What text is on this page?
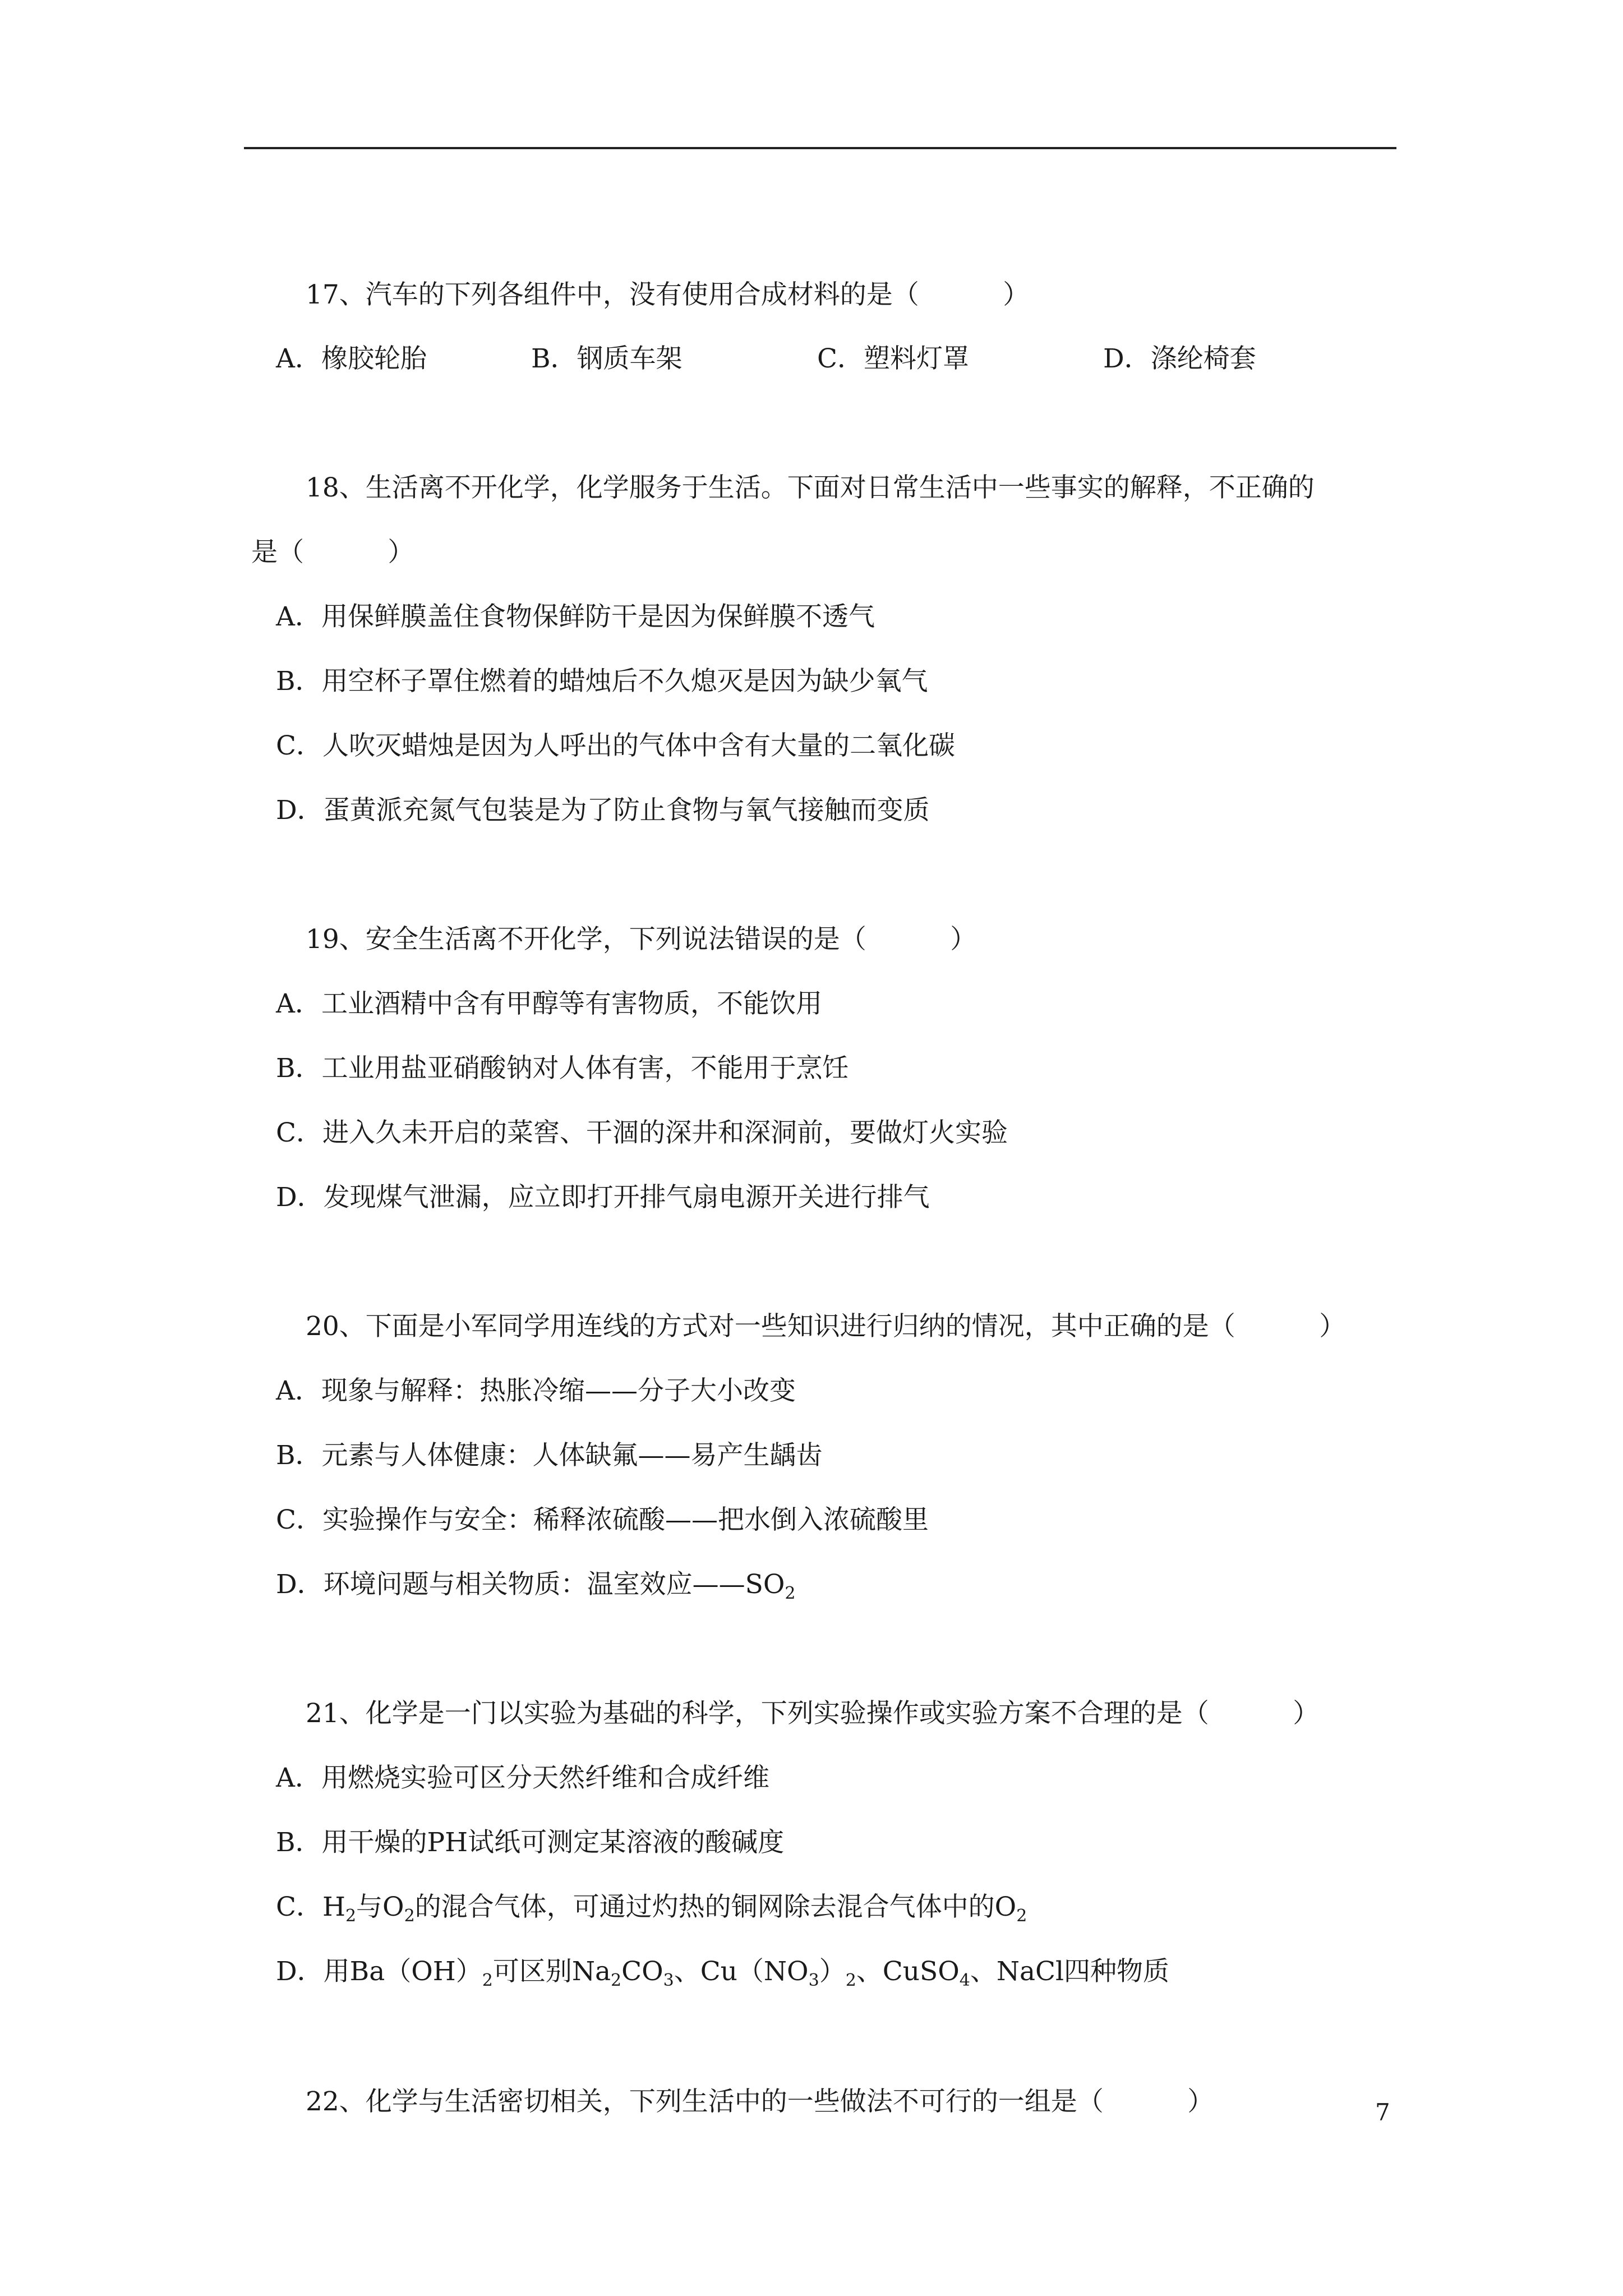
17、汽车的下列各组件中，没有使用合成材料的是（          ）
A．橡胶轮胎	B．钢质车架	C．塑料灯罩	D．涤纶椅套
18、生活离不开化学，化学服务于生活。下面对日常生活中一些事实的解释，不正确的
是（          ）
A．用保鲜膜盖住食物保鲜防干是因为保鲜膜不透气
B．用空杯子罩住燃着的蜡烛后不久熄灭是因为缺少氧气
C．人吹灭蜡烛是因为人呼出的气体中含有大量的二氧化碳
D．蛋黄派充氮气包装是为了防止食物与氧气接触而变质
19、安全生活离不开化学，下列说法错误的是（          ）
A．工业酒精中含有甲醇等有害物质，不能饮用
B．工业用盐亚硝酸钠对人体有害，不能用于烹饪
C．进入久未开启的菜窖、干涸的深井和深洞前，要做灯火实验
D．发现煤气泄漏，应立即打开排气扇电源开关进行排气
20、下面是小军同学用连线的方式对一些知识进行归纳的情况，其中正确的是（          ）
A．现象与解释：热胀冷缩——分子大小改变
B．元素与人体健康：人体缺氟——易产生龋齿
C．实验操作与安全：稀释浓硫酸——把水倒入浓硫酸里
D．环境问题与相关物质：温室效应$——SO_2$
21、化学是一门以实验为基础的科学，下列实验操作或实验方案不合理的是（          ）
A．用燃烧实验可区分天然纤维和合成纤维
B．用干燥的PH试纸可测定某溶液的酸碱度
C．$H_2$与$O_2$的混合气体，可通过灼热的铜网除去混合气体中的$O_2$
D．用$Ba(OH)_2$可区别$Na_2CO_3$、$Cu(NO_3)_2$、CuSO$_4$、NaCl四种物质
22、化学与生活密切相关，下列生活中的一些做法不可行的一组是（          ）	7
